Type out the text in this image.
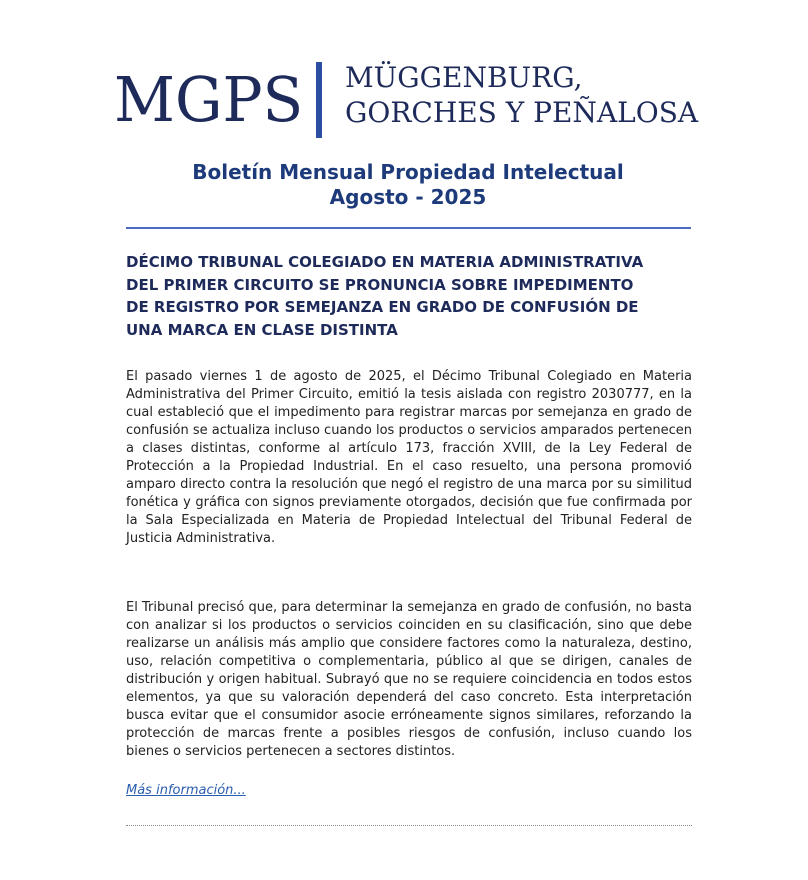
MGPS MÜGGENBURG,
GORCHES Y PEÑALOSA
Boletín Mensual Propiedad Intelectual
Agosto - 2025
DÉCIMO TRIBUNAL COLEGIADO EN MATERIA ADMINISTRATIVA
DEL PRIMER CIRCUITO SE PRONUNCIA SOBRE IMPEDIMENTO
DE REGISTRO POR SEMEJANZA EN GRADO DE CONFUSIÓN DE
UNA MARCA EN CLASE DISTINTA

El pasado viernes 1 de agosto de 2025, el Décimo Tribunal Colegiado en Materia Administrativa del Primer Circuito, emitió la tesis aislada con registro 2030777, en la cual estableció que el impedimento para registrar marcas por semejanza en grado de confusión se actualiza incluso cuando los productos o servicios amparados pertenecen a clases distintas, conforme al artículo 173, fracción XVIII, de la Ley Federal de Protección a la Propiedad Industrial. En el caso resuelto, una persona promovió amparo directo contra la resolución que negó el registro de una marca por su similitud fonética y gráfica con signos previamente otorgados, decisión que fue confirmada por la Sala Especializada en Materia de Propiedad Intelectual del Tribunal Federal de Justicia Administrativa.

El Tribunal precisó que, para determinar la semejanza en grado de confusión, no basta con analizar si los productos o servicios coinciden en su clasificación, sino que debe realizarse un análisis más amplio que considere factores como la naturaleza, destino, uso, relación competitiva o complementaria, público al que se dirigen, canales de distribución y origen habitual. Subrayó que no se requiere coincidencia en todos estos elementos, ya que su valoración dependerá del caso concreto. Esta interpretación busca evitar que el consumidor asocie erróneamente signos similares, reforzando la protección de marcas frente a posibles riesgos de confusión, incluso cuando los bienes o servicios pertenecen a sectores distintos.

Más información...
